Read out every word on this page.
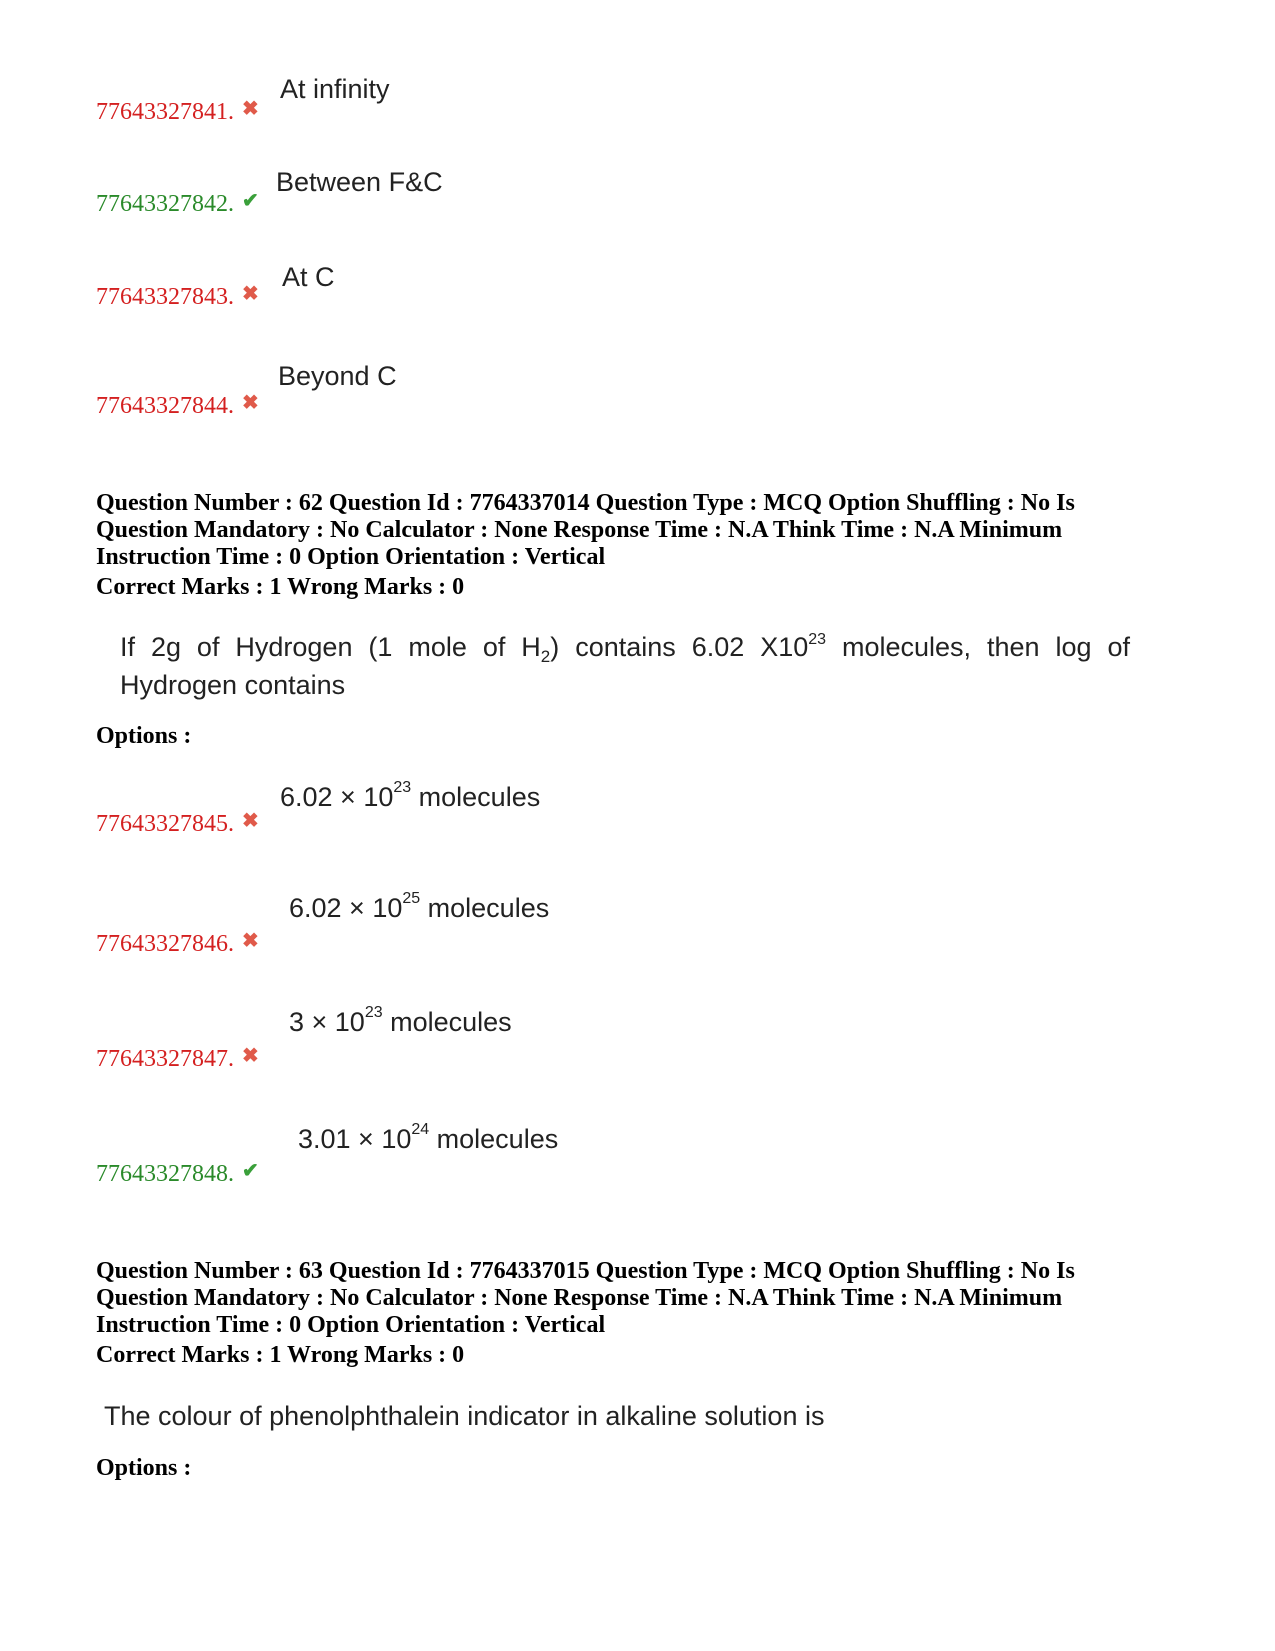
77643327841. ✖
At infinity
77643327842. ✔
Between F&C
77643327843. ✖
At C
77643327844. ✖
Beyond C
Question Number : 62 Question Id : 7764337014 Question Type : MCQ Option Shuffling : No Is Question Mandatory : No Calculator : None Response Time : N.A Think Time : N.A Minimum Instruction Time : 0 Option Orientation : Vertical
Correct Marks : 1 Wrong Marks : 0
If 2g of Hydrogen (1 mole of $H_2$) contains 6.02 $X10^{23}$ molecules, then log of
Hydrogen contains
Options :
77643327845. ✖
$6.02 \times 10^{23}$ molecules
77643327846. ✖
$6.02 \times 10^{25}$ molecules
77643327847. ✖
$3 \times 10^{23}$ molecules
77643327848. ✔
$3.01 \times 10^{24}$ molecules
Question Number : 63 Question Id : 7764337015 Question Type : MCQ Option Shuffling : No Is Question Mandatory : No Calculator : None Response Time : N.A Think Time : N.A Minimum Instruction Time : 0 Option Orientation : Vertical
Correct Marks : 1 Wrong Marks : 0
The colour of phenolphthalein indicator in alkaline solution is
Options :
